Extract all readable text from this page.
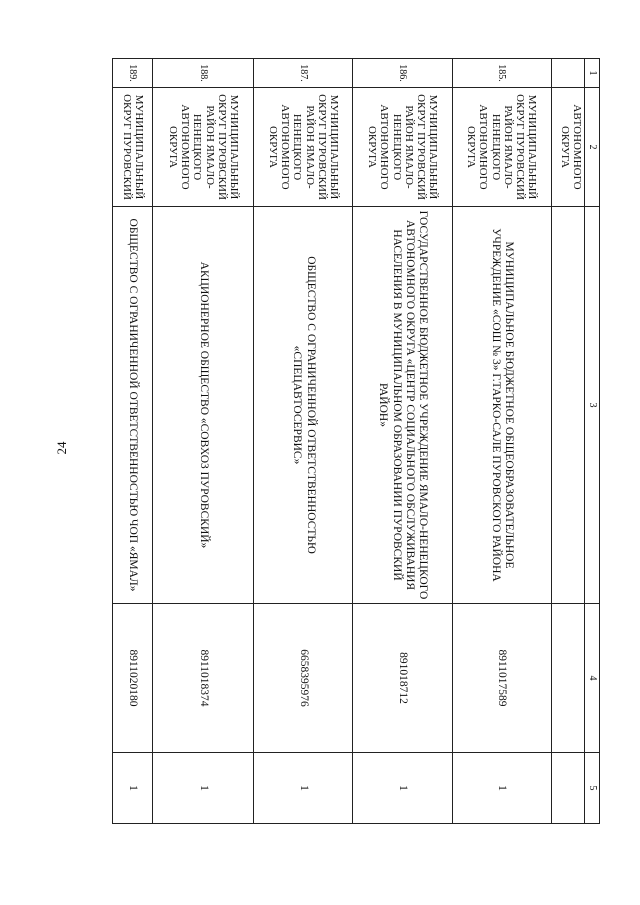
24
1	2	3	4	5
	АВТОНОМНОГО ОКРУГА			
185.	МУНИЦИПАЛЬНЫЙ ОКРУГ ПУРОВСКИЙ РАЙОН ЯМАЛО-НЕНЕЦКОГО АВТОНОМНОГО ОКРУГА	МУНИЦИПАЛЬНОЕ БЮДЖЕТНОЕ ОБЩЕОБРАЗОВАТЕЛЬНОЕ УЧРЕЖДЕНИЕ «СОШ № 3» Г.ТАРКО-САЛЕ ПУРОВСКОГО РАЙОНА	8911017589	1
186.	МУНИЦИПАЛЬНЫЙ ОКРУГ ПУРОВСКИЙ РАЙОН ЯМАЛО-НЕНЕЦКОГО АВТОНОМНОГО ОКРУГА	ГОСУДАРСТВЕННОЕ БЮДЖЕТНОЕ УЧРЕЖДЕНИЕ ЯМАЛО-НЕНЕЦКОГО АВТОНОМНОГО ОКРУГА «ЦЕНТР СОЦИАЛЬНОГО ОБСЛУЖИВАНИЯ НАСЕЛЕНИЯ В МУНИЦИПАЛЬНОМ ОБРАЗОВАНИИ ПУРОВСКИЙ РАЙОН»	891018712	1
187.	МУНИЦИПАЛЬНЫЙ ОКРУГ ПУРОВСКИЙ РАЙОН ЯМАЛО-НЕНЕЦКОГО АВТОНОМНОГО ОКРУГА	ОБЩЕСТВО С ОГРАНИЧЕННОЙ ОТВЕТСТВЕННОСТЬЮ «СПЕЦАВТОСЕРВИС»	6658395976	1
188.	МУНИЦИПАЛЬНЫЙ ОКРУГ ПУРОВСКИЙ РАЙОН ЯМАЛО-НЕНЕЦКОГО АВТОНОМНОГО ОКРУГА	АКЦИОНЕРНОЕ ОБЩЕСТВО «СОВХОЗ ПУРОВСКИЙ»	8911018374	1
189.	МУНИЦИПАЛЬНЫЙ ОКРУГ ПУРОВСКИЙ	ОБЩЕСТВО С ОГРАНИЧЕННОЙ ОТВЕТСТВЕННОСТЬЮ ЧОП «ЯМАЛ»	8911020180	1
